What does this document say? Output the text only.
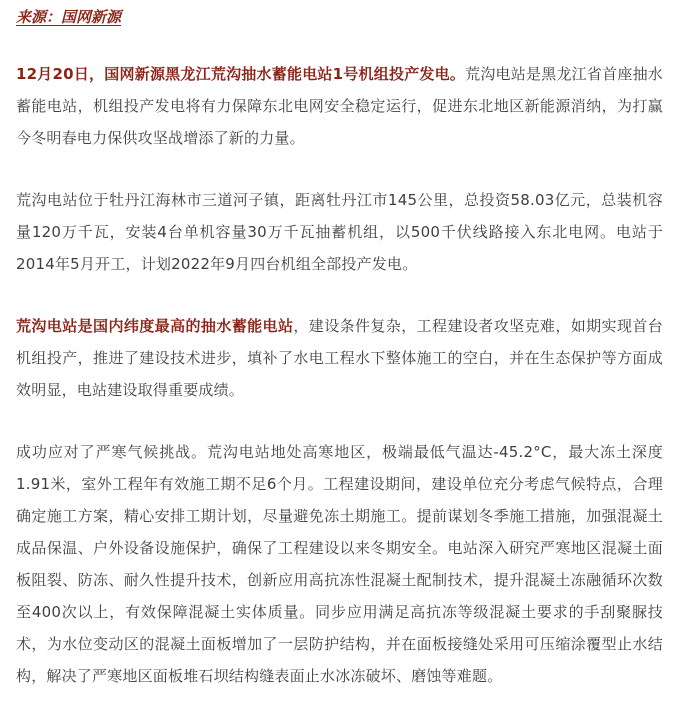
来源：国网新源

12月20日，国网新源黑龙江荒沟抽水蓄能电站1号机组投产发电。荒沟电站是黑龙江省首座抽水蓄能电站，机组投产发电将有力保障东北电网安全稳定运行，促进东北地区新能源消纳，为打赢今冬明春电力保供攻坚战增添了新的力量。

荒沟电站位于牡丹江海林市三道河子镇，距离牡丹江市145公里，总投资58.03亿元，总装机容量120万千瓦，安装4台单机容量30万千瓦抽蓄机组，以500千伏线路接入东北电网。电站于2014年5月开工，计划2022年9月四台机组全部投产发电。

荒沟电站是国内纬度最高的抽水蓄能电站，建设条件复杂，工程建设者攻坚克难，如期实现首台机组投产，推进了建设技术进步，填补了水电工程水下整体施工的空白，并在生态保护等方面成效明显，电站建设取得重要成绩。

成功应对了严寒气候挑战。荒沟电站地处高寒地区，极端最低气温达-45.2°C，最大冻土深度1.91米，室外工程年有效施工期不足6个月。工程建设期间，建设单位充分考虑气候特点，合理确定施工方案，精心安排工期计划，尽量避免冻土期施工。提前谋划冬季施工措施，加强混凝土成品保温、户外设备设施保护，确保了工程建设以来冬期安全。电站深入研究严寒地区混凝土面板阻裂、防冻、耐久性提升技术，创新应用高抗冻性混凝土配制技术，提升混凝土冻融循环次数至400次以上，有效保障混凝土实体质量。同步应用满足高抗冻等级混凝土要求的手刮聚脲技术，为水位变动区的混凝土面板增加了一层防护结构，并在面板接缝处采用可压缩涂覆型止水结构，解决了严寒地区面板堆石坝结构缝表面止水冰冻破坏、磨蚀等难题。
